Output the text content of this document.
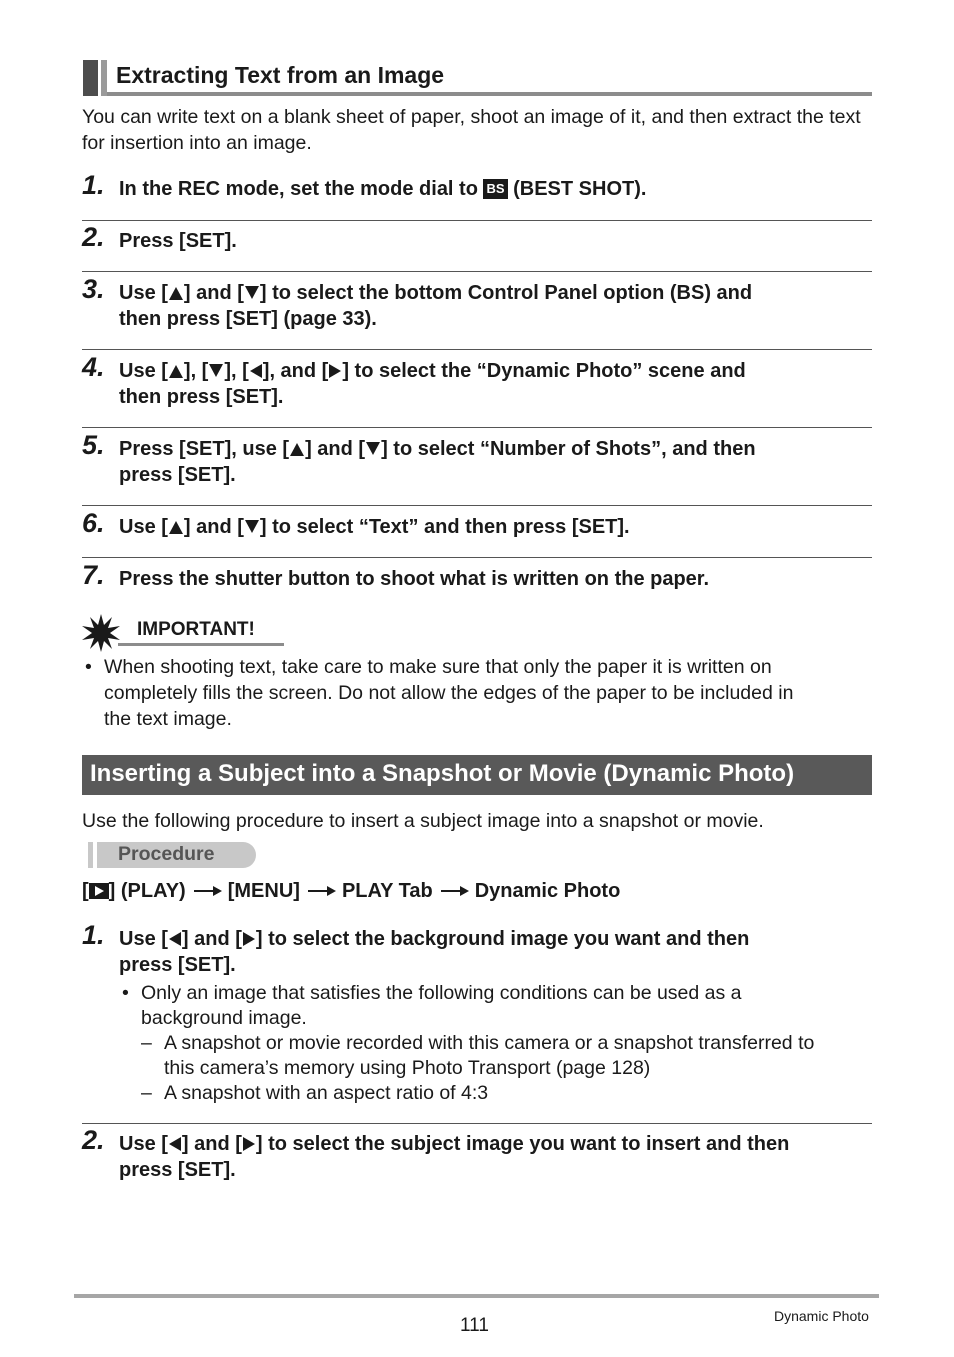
Extracting Text from an Image
You can write text on a blank sheet of paper, shoot an image of it, and then extract the text for insertion into an image.
1. In the REC mode, set the mode dial to BS (BEST SHOT).
2. Press [SET].
3. Use [ ] and [ ] to select the bottom Control Panel option (BS) and
then press [SET] (page 33).
4. Use [ ], [ ], [ ], and [ ] to select the “Dynamic Photo” scene and
then press [SET].
5. Press [SET], use [ ] and [ ] to select “Number of Shots”, and then
press [SET].
6. Use [ ] and [ ] to select “Text” and then press [SET].
7. Press the shutter button to shoot what is written on the paper.
IMPORTANT!
• When shooting text, take care to make sure that only the paper it is written on
completely fills the screen. Do not allow the edges of the paper to be included in
the text image.
Inserting a Subject into a Snapshot or Movie (Dynamic Photo)
Use the following procedure to insert a subject image into a snapshot or movie.
Procedure
[ ] (PLAY) [MENU] PLAY Tab Dynamic Photo
1. Use [ ] and [ ] to select the background image you want and then
press [SET].
• Only an image that satisfies the following conditions can be used as a
background image.
– A snapshot or movie recorded with this camera or a snapshot transferred to
this camera’s memory using Photo Transport (page 128)
– A snapshot with an aspect ratio of 4:3
2. Use [ ] and [ ] to select the subject image you want to insert and then
press [SET].
111	Dynamic Photo
